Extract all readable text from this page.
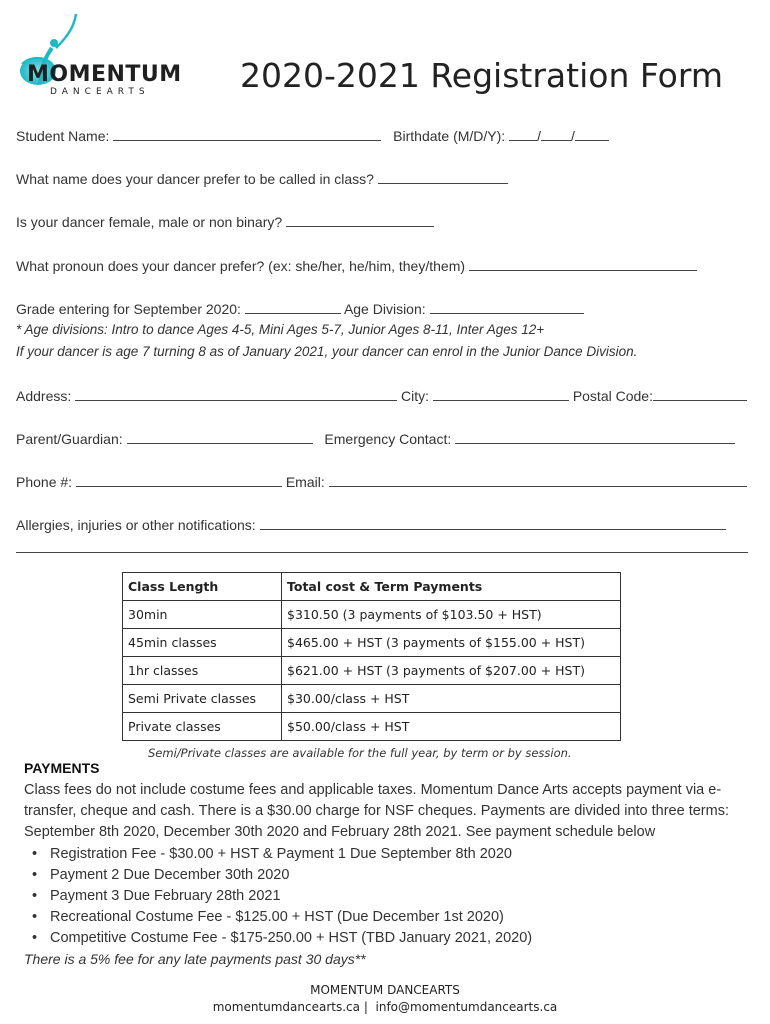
MOMENTUM
DANCEARTS	2020-2021 Registration Form
Student Name:	Birthdate (M/D/Y): / /
What name does your dancer prefer to be called in class?
Is your dancer female, male or non binary?
What pronoun does your dancer prefer? (ex: she/her, he/him, they/them)
Grade entering for September 2020:	Age Division:
* Age divisions: Intro to dance Ages 4-5, Mini Ages 5-7, Junior Ages 8-11, Inter Ages 12+
If your dancer is age 7 turning 8 as of January 2021, your dancer can enrol in the Junior Dance Division.
Address:	City:	Postal Code:
Parent/Guardian:	Emergency Contact:
Phone #:	Email:
Allergies, injuries or other notifications:
Class Length	Total cost & Term Payments
30min	$310.50 (3 payments of $103.50 + HST)
45min classes	$465.00 + HST (3 payments of $155.00 + HST)
1hr classes	$621.00 + HST (3 payments of $207.00 + HST)
Semi Private classes	$30.00/class + HST
Private classes	$50.00/class + HST
Semi/Private classes are available for the full year, by term or by session.
PAYMENTS
Class fees do not include costume fees and applicable taxes. Momentum Dance Arts accepts payment via e-transfer, cheque and cash. There is a $30.00 charge for NSF cheques. Payments are divided into three terms: September 8th 2020, December 30th 2020 and February 28th 2021. See payment schedule below
• Registration Fee - $30.00 + HST & Payment 1 Due September 8th 2020
• Payment 2 Due December 30th 2020
• Payment 3 Due February 28th 2021
• Recreational Costume Fee - $125.00 + HST (Due December 1st 2020)
• Competitive Costume Fee - $175-250.00 + HST (TBD January 2021, 2020)
There is a 5% fee for any late payments past 30 days**
MOMENTUM DANCEARTS
momentumdancearts.ca |  info@momentumdancearts.ca
